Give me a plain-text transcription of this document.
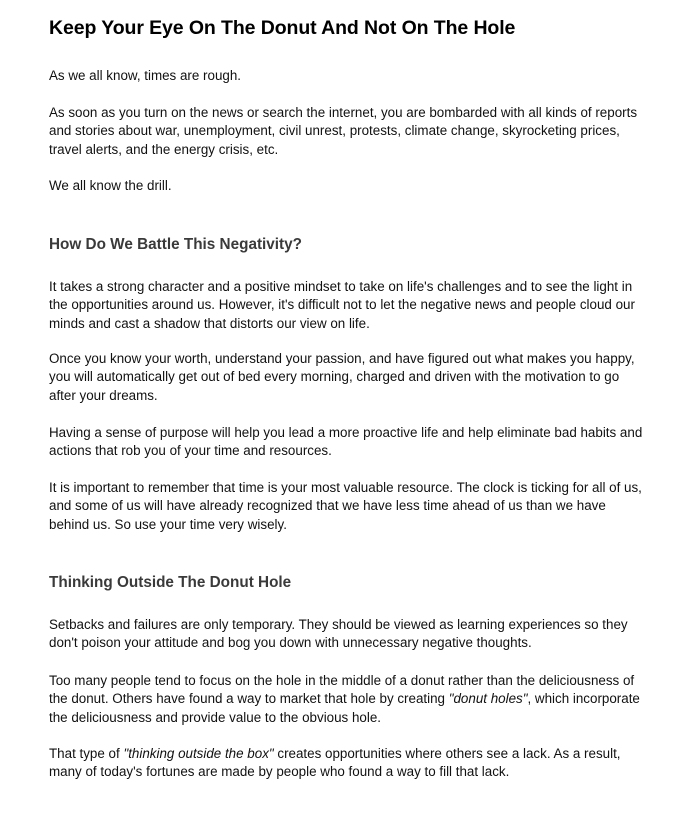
Keep Your Eye On The Donut And Not On The Hole

As we all know, times are rough.

As soon as you turn on the news or search the internet, you are bombarded with all kinds of reports and stories about war, unemployment, civil unrest, protests, climate change, skyrocketing prices, travel alerts, and the energy crisis, etc.

We all know the drill.

How Do We Battle This Negativity?

It takes a strong character and a positive mindset to take on life's challenges and to see the light in the opportunities around us. However, it's difficult not to let the negative news and people cloud our minds and cast a shadow that distorts our view on life.

Once you know your worth, understand your passion, and have figured out what makes you happy, you will automatically get out of bed every morning, charged and driven with the motivation to go after your dreams.

Having a sense of purpose will help you lead a more proactive life and help eliminate bad habits and actions that rob you of your time and resources.

It is important to remember that time is your most valuable resource. The clock is ticking for all of us, and some of us will have already recognized that we have less time ahead of us than we have behind us. So use your time very wisely.

Thinking Outside The Donut Hole

Setbacks and failures are only temporary. They should be viewed as learning experiences so they don't poison your attitude and bog you down with unnecessary negative thoughts.

Too many people tend to focus on the hole in the middle of a donut rather than the deliciousness of the donut. Others have found a way to market that hole by creating "donut holes", which incorporate the deliciousness and provide value to the obvious hole.

That type of "thinking outside the box" creates opportunities where others see a lack. As a result, many of today's fortunes are made by people who found a way to fill that lack.
